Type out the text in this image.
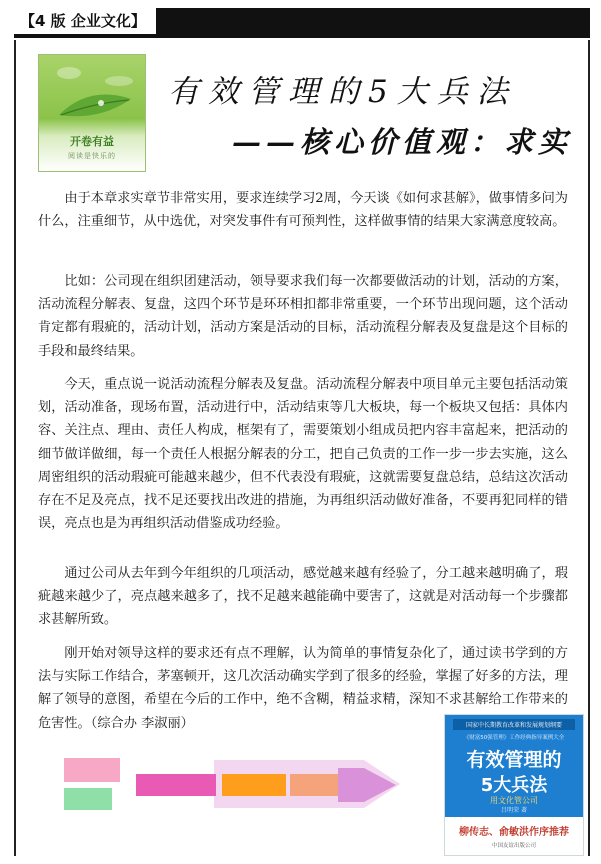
【4 版 企业文化】
开卷有益
阅读是快乐的
有效管理的5大兵法
——核心价值观：求实

由于本章求实章节非常实用，要求连续学习2周，今天谈《如何求甚解》，做事情多问为什么，注重细节，从中选优，对突发事件有可预判性，这样做事情的结果大家满意度较高。

比如：公司现在组织团建活动，领导要求我们每一次都要做活动的计划，活动的方案，活动流程分解表、复盘，这四个环节是环环相扣都非常重要，一个环节出现问题，这个活动肯定都有瑕疵的，活动计划，活动方案是活动的目标，活动流程分解表及复盘是这个目标的手段和最终结果。

今天，重点说一说活动流程分解表及复盘。活动流程分解表中项目单元主要包括活动策划，活动准备，现场布置，活动进行中，活动结束等几大板块，每一个板块又包括：具体内容、关注点、理由、责任人构成，框架有了，需要策划小组成员把内容丰富起来，把活动的细节做详做细，每一个责任人根据分解表的分工，把自己负责的工作一步一步去实施，这么周密组织的活动瑕疵可能越来越少，但不代表没有瑕疵，这就需要复盘总结，总结这次活动存在不足及亮点，找不足还要找出改进的措施，为再组织活动做好准备，不要再犯同样的错误，亮点也是为再组织活动借鉴成功经验。

通过公司从去年到今年组织的几项活动，感觉越来越有经验了，分工越来越明确了，瑕疵越来越少了，亮点越来越多了，找不足越来越能确中要害了，这就是对活动每一个步骤都求甚解所致。

刚开始对领导这样的要求还有点不理解，认为简单的事情复杂化了，通过读书学到的方法与实际工作结合，茅塞顿开，这几次活动确实学到了很多的经验，掌握了好多的方法，理解了领导的意图，希望在今后的工作中，绝不含糊，精益求精，深知不求甚解给工作带来的危害性。（综合办 李淑丽）	国家中长期教育改革和发展规划纲要
《财富50强管理》工作经典指导案例大全
有效管理的
5大兵法
用文化管公司
吕明荣 著
柳传志、俞敏洪作序推荐
中国友谊出版公司
